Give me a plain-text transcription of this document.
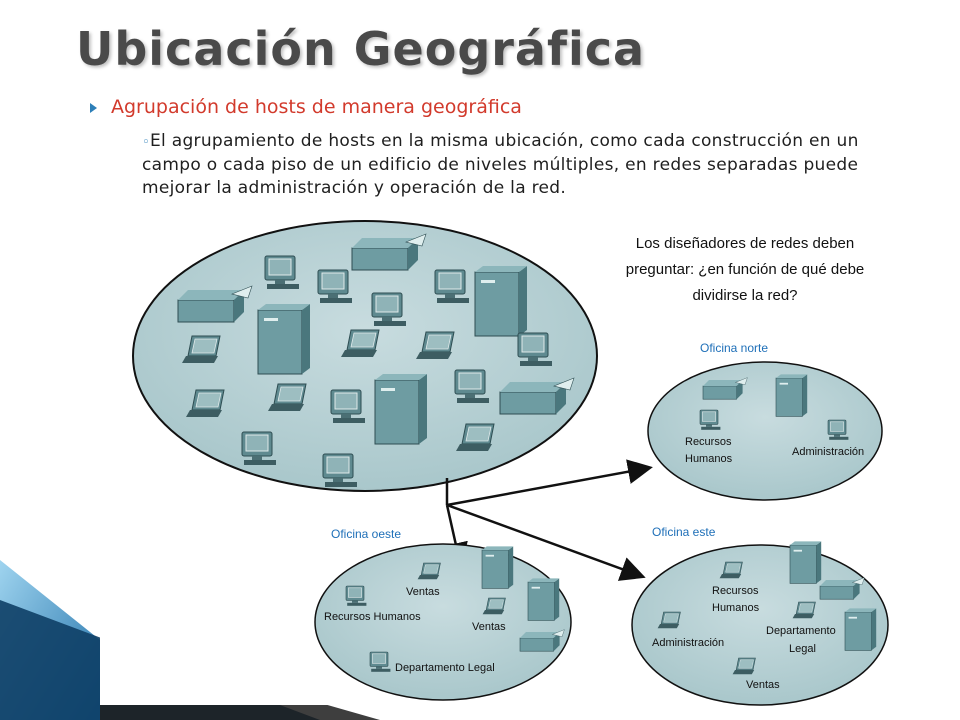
Ubicación Geográfica
Agrupación de hosts de manera geográfica
◦El agrupamiento de hosts en la misma ubicación, como cada construcción en un campo o cada piso de un edificio de niveles múltiples, en redes separadas puede mejorar la administración y operación de la red.
Los diseñadores de redes deben
preguntar: ¿en función de qué debe
dividirse la red?
Oficina norte
Recursos
Humanos
Administración
Oficina oeste
Ventas
Recursos Humanos
Ventas
Departamento Legal
Oficina este
Recursos
Humanos
Departamento
Legal
Administración
Ventas
